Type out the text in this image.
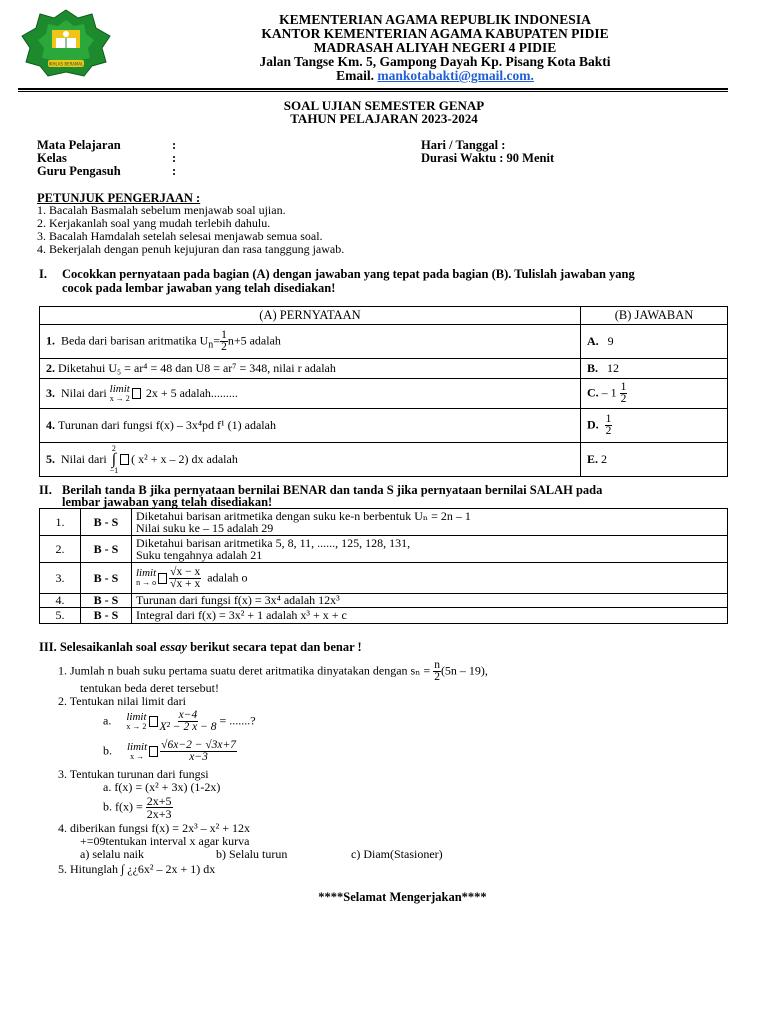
IKHLAS BERAMAL
KEMENTERIAN AGAMA REPUBLIK INDONESIA
KANTOR KEMENTERIAN AGAMA KABUPATEN PIDIE
MADRASAH ALIYAH NEGERI 4 PIDIE
Jalan Tangse Km. 5, Gampong Dayah Kp. Pisang Kota Bakti
Email. mankotabakti@gmail.com.
SOAL UJIAN SEMESTER GENAP
TAHUN PELAJARAN 2023-2024
Mata Pelajaran	:
Kelas	:
Guru Pengasuh	:
Hari / Tanggal :
Durasi Waktu : 90 Menit
PETUNJUK PENGERJAAN :
1. Bacalah Basmalah sebelum menjawab soal ujian.
2. Kerjakanlah soal yang mudah terlebih dahulu.
3. Bacalah Hamdalah setelah selesai menjawab semua soal.
4. Bekerjalah dengan penuh kejujuran dan rasa tanggung jawab.
I. Cocokkan pernyataan pada bagian (A) dengan jawaban yang tepat pada bagian (B). Tulislah jawaban yang
cocok pada lembar jawaban yang telah disediakan!
(A) PERNYATAAN	(B) JAWABAN
1. Beda dari barisan aritmatika $U_n= \frac{1}{2} n+5$ adalah	A. 9
2. Diketahui U₅ = ar⁴ = 48 dan U8 = ar⁷ = 348, nilai r adalah	B. 12
3. Nilai dari limit
x → 2 2x + 5 adalah.........	C. – $1 \frac{1}{2}$

4. Turunan dari fungsi f(x) – 3x⁴pd f¹ (1) adalah	D. $\frac{1}{2}$

5. Nilai dari
2
∫
−1
( x² + x – 2) dx adalah	E. 2
II. Berilah tanda B jika pernyataan bernilai BENAR dan tanda S jika pernyataan bernilai SALAH pada
lembar jawaban yang telah disediakan!
1.	B - S	Diketahui barisan aritmetika dengan suku ke-n berbentuk Uₙ = 2n – 1
Nilai suku ke – 15 adalah 29

2.	B - S	Diketahui barisan aritmetika 5, 8, 11, ......, 125, 128, 131,
Suku tengahnya adalah 21

3.	B - S	limit
n → o $\frac{√x - x}{√x + x}$ adalah o
4.	B - S	Turunan dari fungsi f(x) = 3x⁴ adalah 12x³
5.	B - S	Integral dari f(x) = 3x² + 1 adalah x³ + x + c
III. Selesaikanlah soal essay berikut secara tepat dan benar !
1. Jumlah n buah suku pertama suatu deret aritmatika dinyatakan dengan $s_n = \frac{n}{2} (5n - 19)$,
tentukan beda deret tersebut!
2. Tentukan nilai limit dari
a. limit
$x \to 2 \frac{x-4}{\text{X² − 2 x − 8}}$ = .......?
b. limit
$x \to \frac{√6x-2 - √3x+7}{x-3}$
3. Tentukan turunan dari fungsi
a. f(x) = (x² + 3x) (1-2x)
b. $f(x) = \frac{2x+5}{2x+3}$
4. diberikan fungsi f(x) = 2x³ – x² + 12x
+=09tentukan interval x agar kurva
a) selalu naik	b) Selalu turun	c) Diam(Stasioner)
5. Hitunglah ∫ ¿¿6x² – 2x + 1) dx
****Selamat Mengerjakan****
